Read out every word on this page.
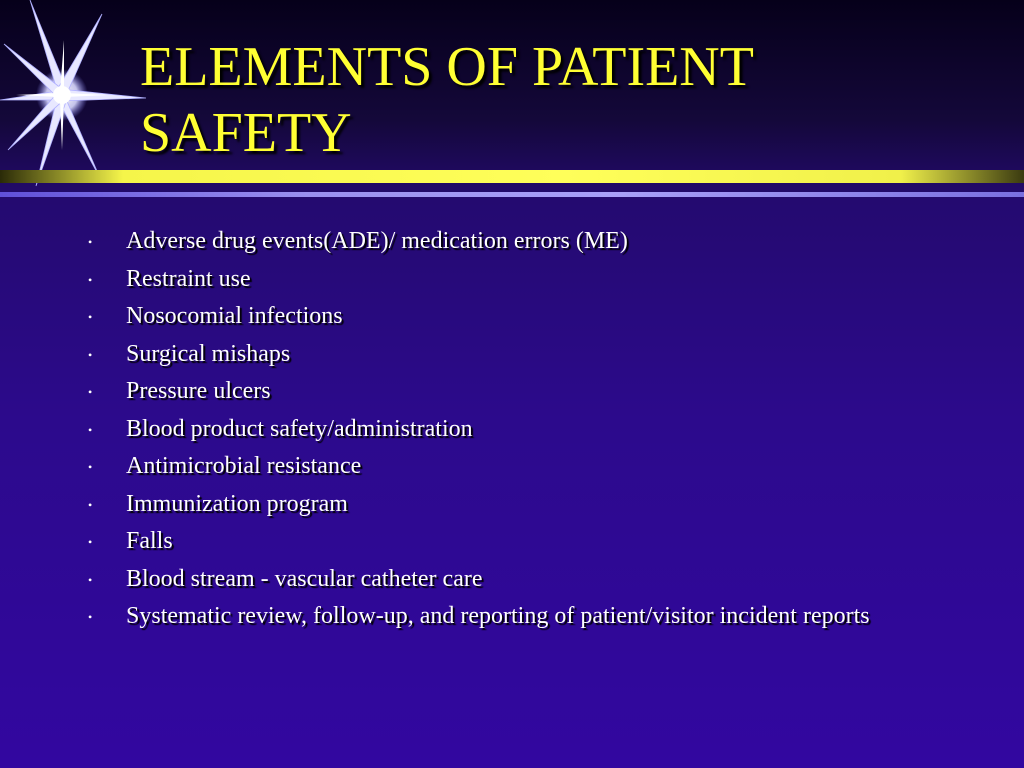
ELEMENTS OF PATIENT
SAFETY
• Adverse drug events(ADE)/ medication errors (ME)
• Restraint use
• Nosocomial infections
• Surgical mishaps
• Pressure ulcers
• Blood product safety/administration
• Antimicrobial resistance
• Immunization program
• Falls
• Blood stream - vascular catheter care
• Systematic review, follow-up, and reporting of patient/visitor incident reports
